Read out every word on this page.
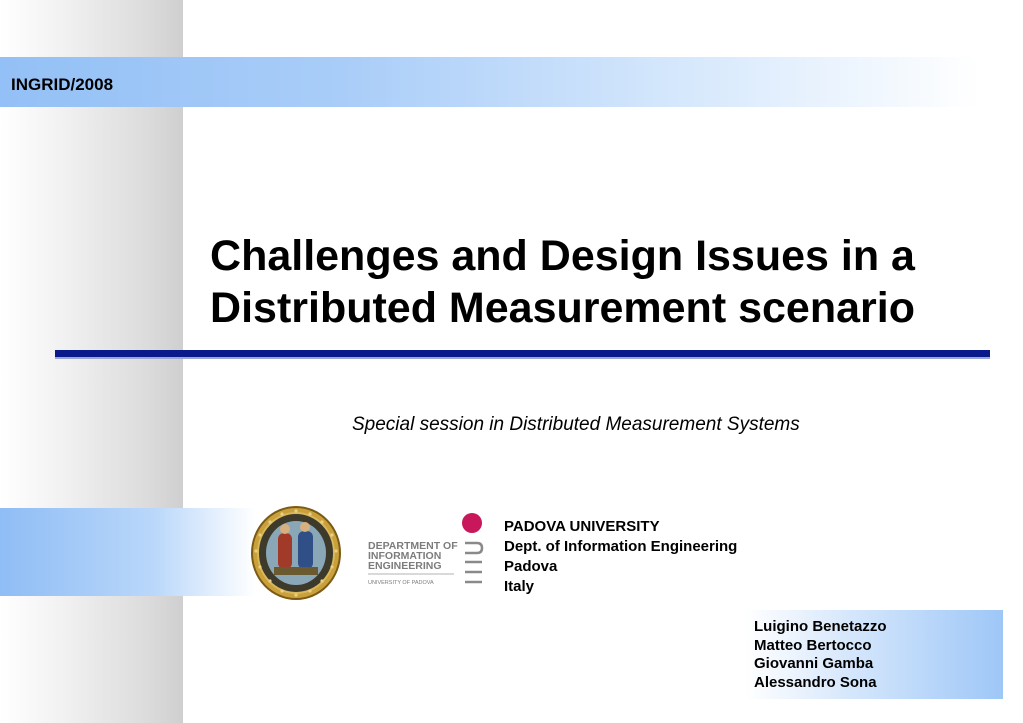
INGRID/2008
Challenges and Design Issues in a
Distributed Measurement scenario
Special session in Distributed Measurement Systems
DEPARTMENT OF
INFORMATION
ENGINEERING
UNIVERSITY OF PADOVA
PADOVA UNIVERSITY
Dept. of Information Engineering
Padova
Italy
Luigino Benetazzo
Matteo Bertocco
Giovanni Gamba
Alessandro Sona
